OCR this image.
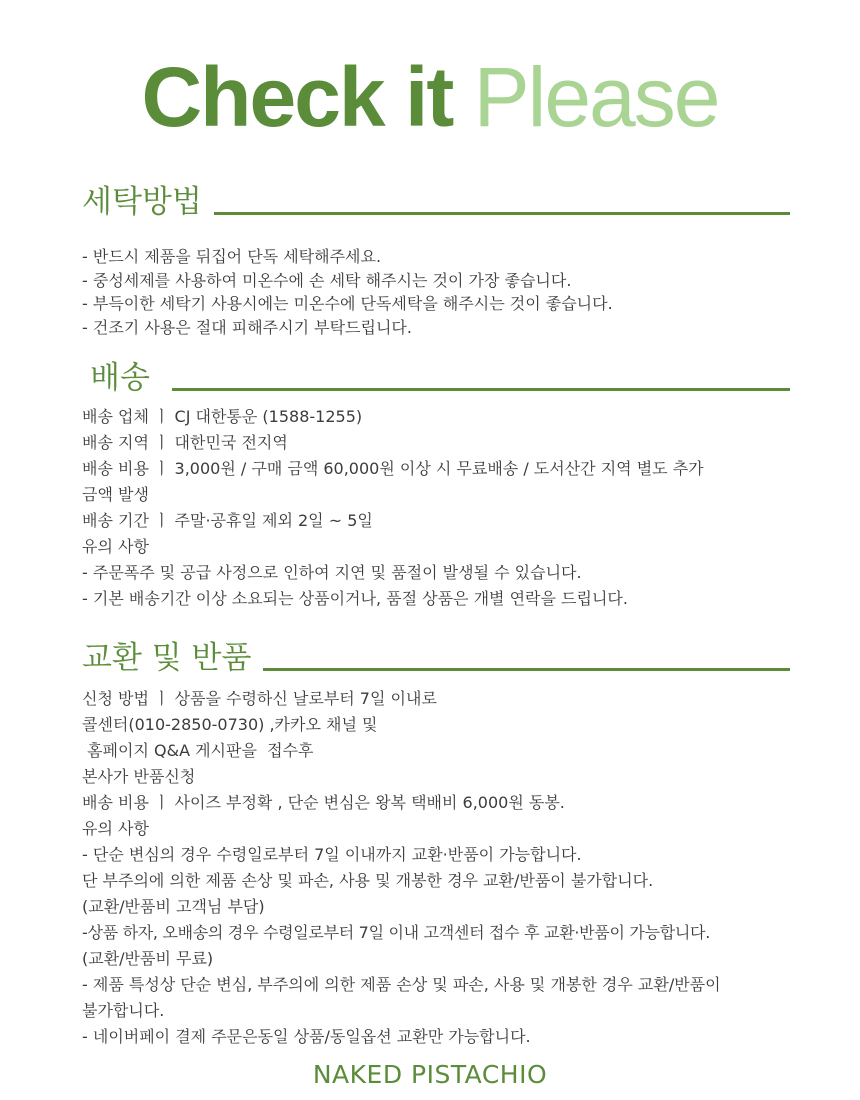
Check it Please
세탁방법
- 반드시 제품을 뒤집어 단독 세탁해주세요.
- 중성세제를 사용하여 미온수에 손 세탁 해주시는 것이 가장 좋습니다.
- 부득이한 세탁기 사용시에는 미온수에 단독세탁을 해주시는 것이 좋습니다.
- 건조기 사용은 절대 피해주시기 부탁드립니다.
배송
배송 업체 ㅣ CJ 대한통운 (1588-1255)
배송 지역 ㅣ 대한민국 전지역
배송 비용 ㅣ 3,000원 / 구매 금액 60,000원 이상 시 무료배송 / 도서산간 지역 별도 추가
금액 발생
배송 기간 ㅣ 주말·공휴일 제외 2일 ~ 5일
유의 사항
- 주문폭주 및 공급 사정으로 인하여 지연 및 품절이 발생될 수 있습니다.
- 기본 배송기간 이상 소요되는 상품이거나, 품절 상품은 개별 연락을 드립니다.
교환 및 반품
신청 방법 ㅣ 상품을 수령하신 날로부터 7일 이내로
콜센터(010-2850-0730) ,카카오 채널 및
홈페이지 Q&A 게시판을  접수후
본사가 반품신청
배송 비용 ㅣ 사이즈 부정확 , 단순 변심은 왕복 택배비 6,000원 동봉.
유의 사항
- 단순 변심의 경우 수령일로부터 7일 이내까지 교환·반품이 가능합니다.
단 부주의에 의한 제품 손상 및 파손, 사용 및 개봉한 경우 교환/반품이 불가합니다.
(교환/반품비 고객님 부담)
-상품 하자, 오배송의 경우 수령일로부터 7일 이내 고객센터 접수 후 교환·반품이 가능합니다.
(교환/반품비 무료)
- 제품 특성상 단순 변심, 부주의에 의한 제품 손상 및 파손, 사용 및 개봉한 경우 교환/반품이
불가합니다.
- 네이버페이 결제 주문은동일 상품/동일옵션 교환만 가능합니다.
NAKED PISTACHIO
